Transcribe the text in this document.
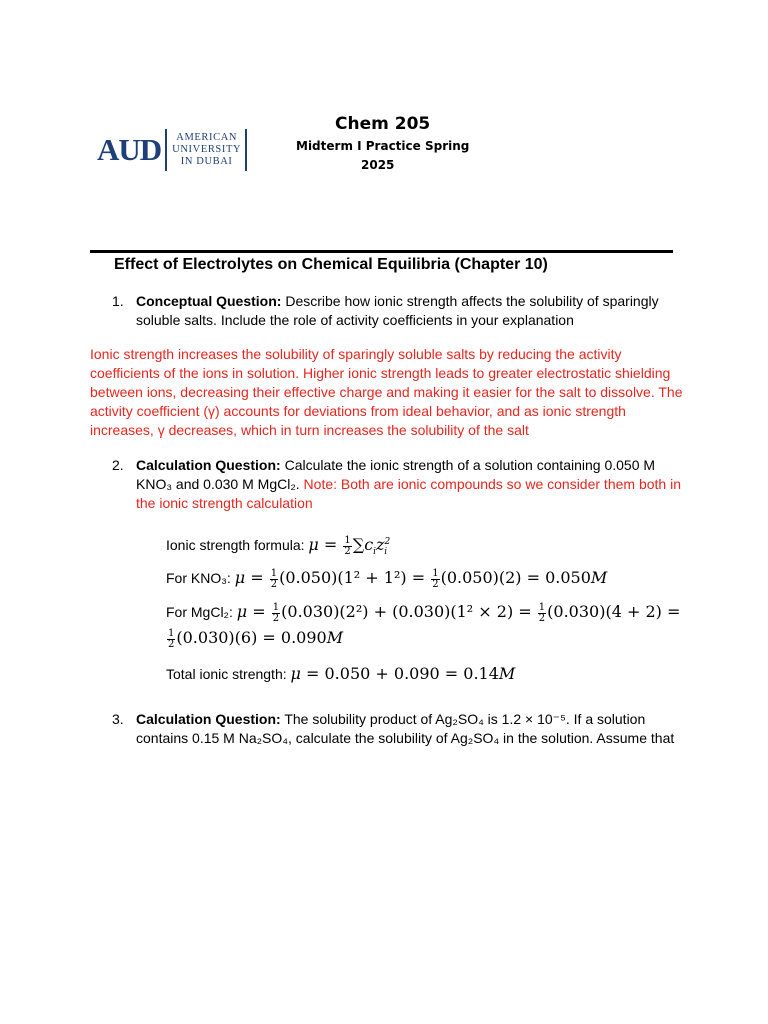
AUD	AMERICAN
UNIVERSITY
IN DUBAI
Chem 205
Midterm I Practice Spring
2025
Effect of Electrolytes on Chemical Equilibria (Chapter 10)
1. Conceptual Question: Describe how ionic strength affects the solubility of sparingly
soluble salts. Include the role of activity coefficients in your explanation
Ionic strength increases the solubility of sparingly soluble salts by reducing the activity
coefficients of the ions in solution. Higher ionic strength leads to greater electrostatic shielding
between ions, decreasing their effective charge and making it easier for the salt to dissolve. The
activity coefficient (γ) accounts for deviations from ideal behavior, and as ionic strength
increases, γ decreases, which in turn increases the solubility of the salt
2. Calculation Question: Calculate the ionic strength of a solution containing 0.050 M
KNO₃ and 0.030 M MgCl₂. Note: Both are ionic compounds so we consider them both in
the ionic strength calculation
Ionic strength formula: $\mu = \frac{1}{2} \sum c_iz^2_i$
For KNO₃: $\mu = \frac{1}{2} (0.050)(1^2 + 1^2) = \frac{1}{2} (0.050)(2) = 0.050M$
For MgCl₂: $\mu = \frac{1}{2} (0.030)(2^2) + (0.030)(1^2 \times 2) = \frac{1}{2} (0.030)(4 + 2)$ =
$\frac{1}{2} (0.030)(6) = 0.090M$
Total ionic strength: μ = 0.050 + 0.090 = 0.14M
3. Calculation Question: The solubility product of Ag₂SO₄ is 1.2 × 10⁻⁵. If a solution
contains 0.15 M Na₂SO₄, calculate the solubility of Ag₂SO₄ in the solution. Assume that
